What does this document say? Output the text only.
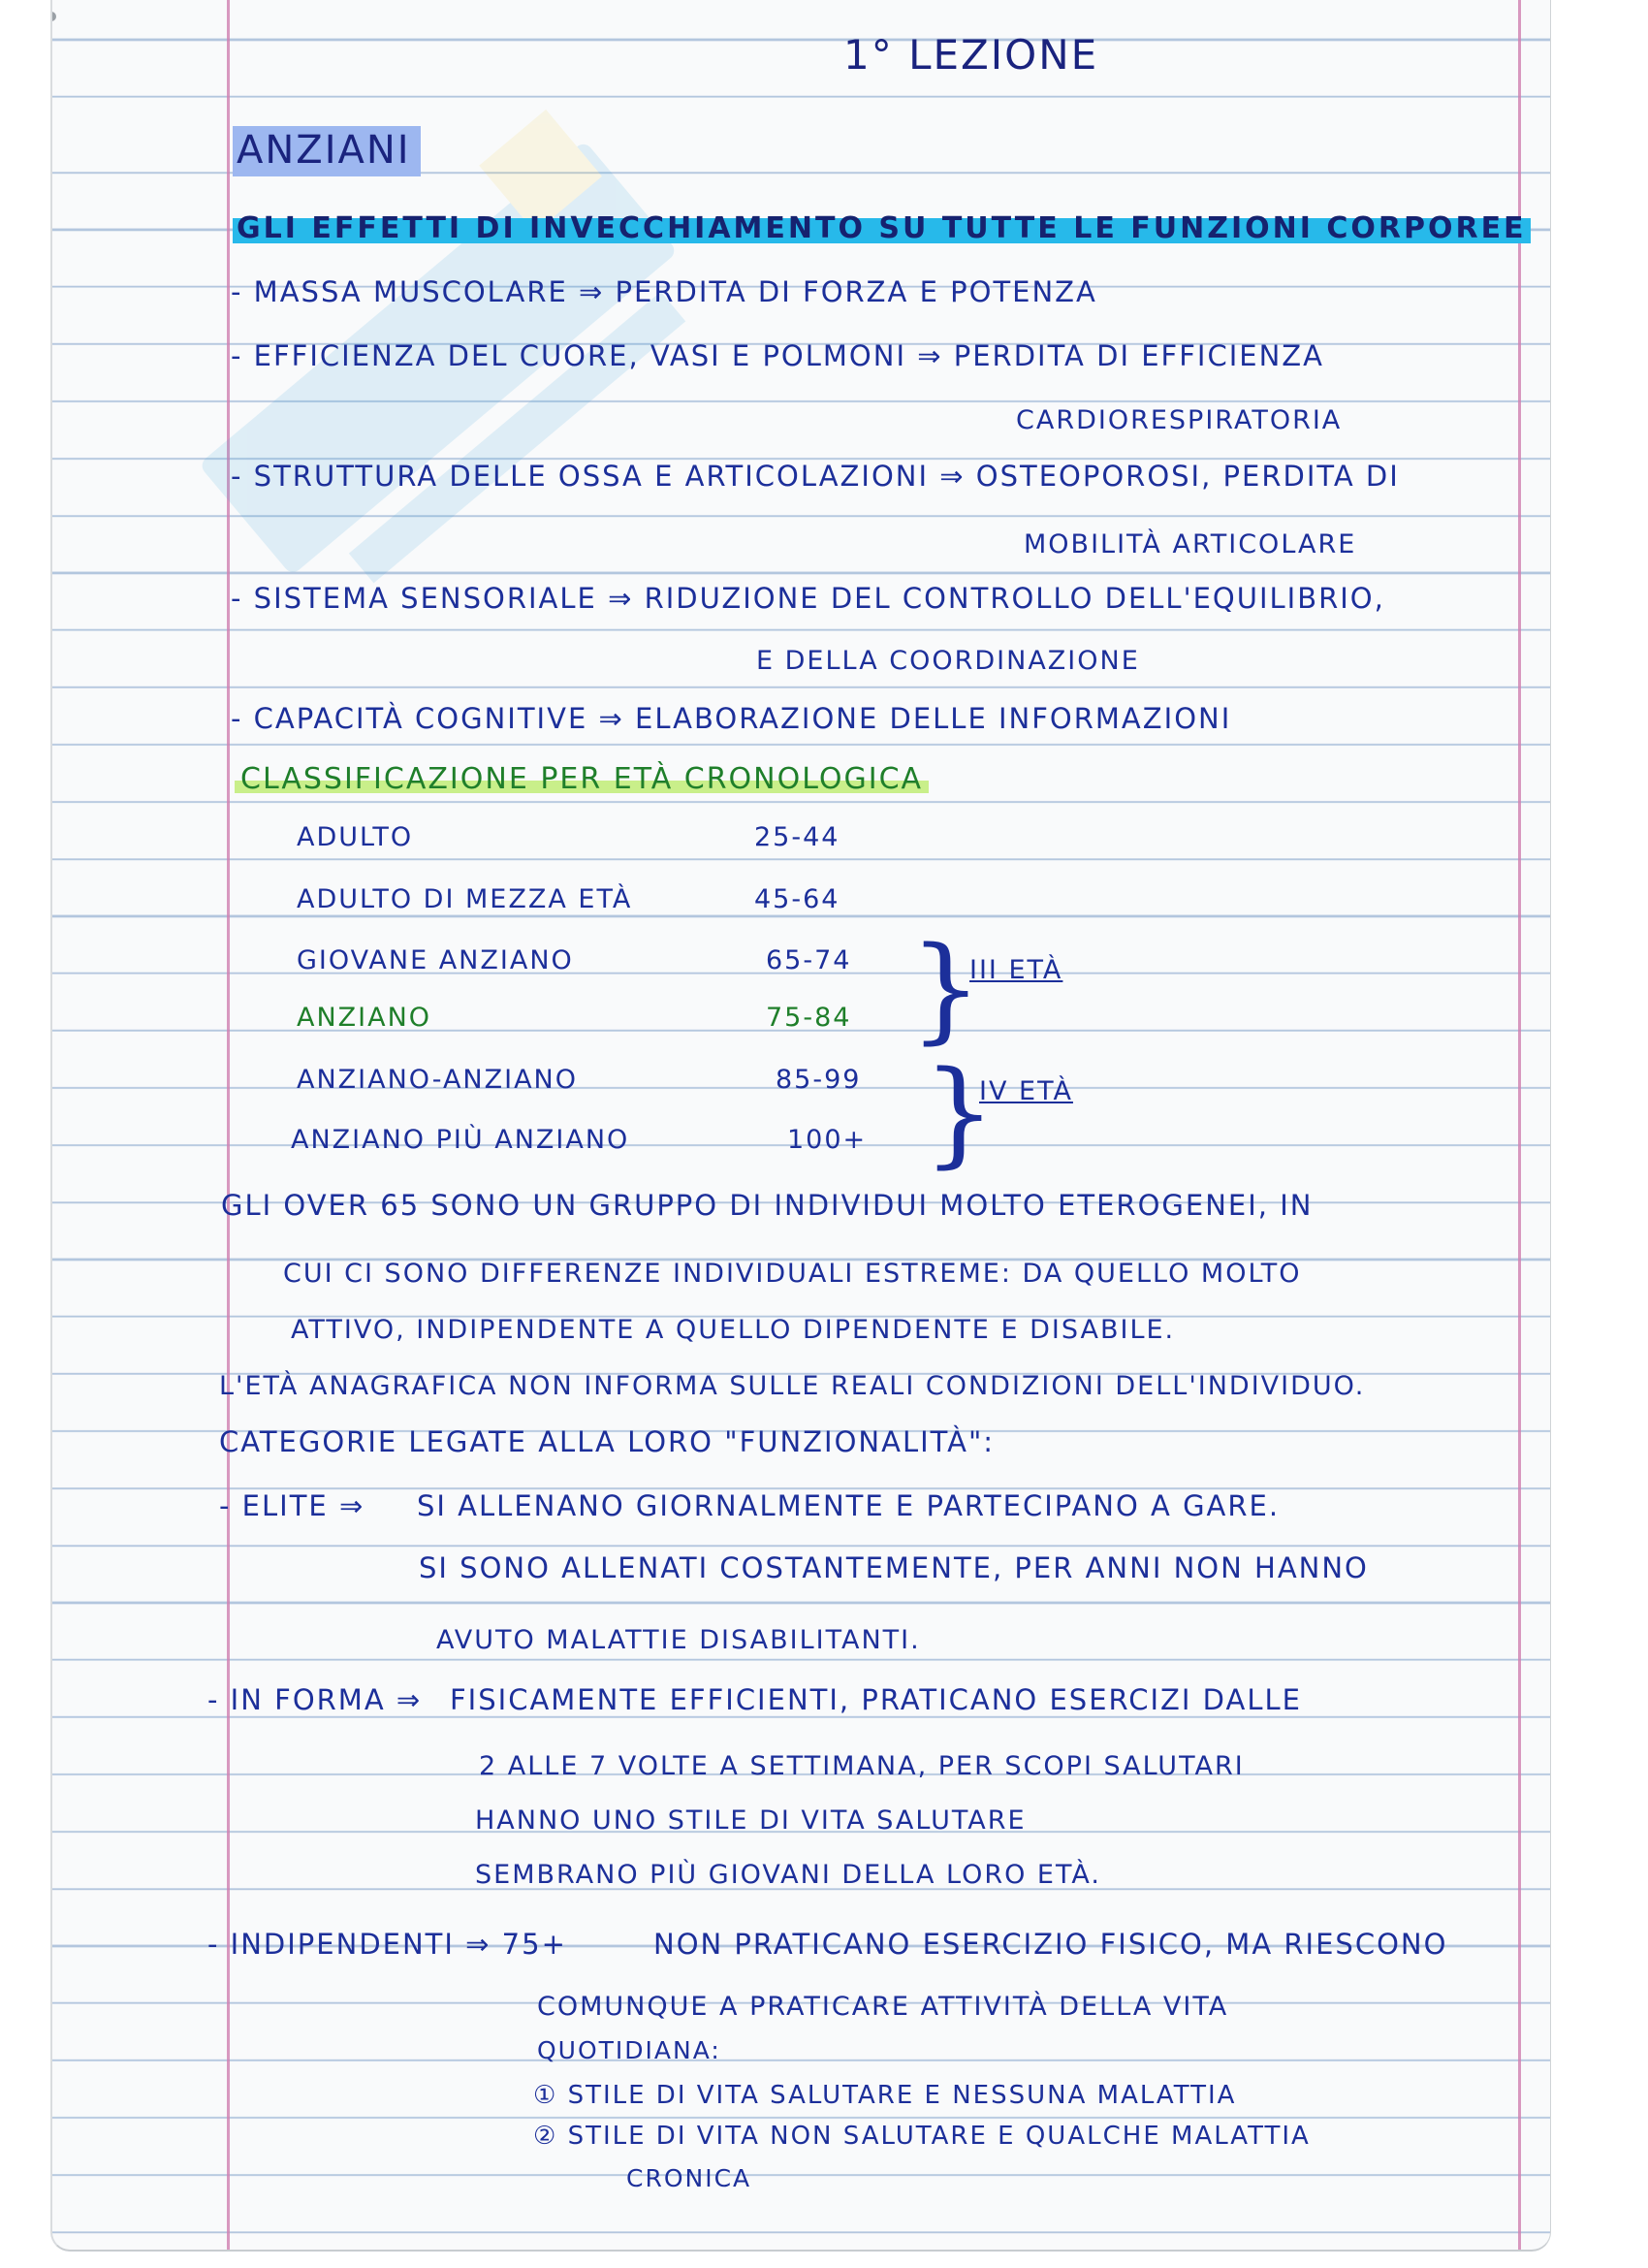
1° LEZIONE
ANZIANI
GLI EFFETTI DI INVECCHIAMENTO SU TUTTE LE FUNZIONI CORPOREE
- MASSA MUSCOLARE ⇒ PERDITA DI FORZA E POTENZA
- EFFICIENZA DEL CUORE, VASI E POLMONI ⇒ PERDITA DI EFFICIENZA
CARDIORESPIRATORIA
- STRUTTURA DELLE OSSA E ARTICOLAZIONI ⇒ OSTEOPOROSI, PERDITA DI
MOBILITÀ ARTICOLARE
- SISTEMA SENSORIALE ⇒ RIDUZIONE DEL CONTROLLO DELL'EQUILIBRIO,
E DELLA COORDINAZIONE
- CAPACITÀ COGNITIVE ⇒ ELABORAZIONE DELLE INFORMAZIONI
CLASSIFICAZIONE PER ETÀ CRONOLOGICA
ADULTO	25-44
ADULTO DI MEZZA ETÀ	45-64
GIOVANE ANZIANO	65-74
ANZIANO	75-84
ANZIANO-ANZIANO	85-99
ANZIANO PIÙ ANZIANO	100+
}
III ETÀ
}
IV ETÀ
GLI OVER 65 SONO UN GRUPPO DI INDIVIDUI MOLTO ETEROGENEI, IN
CUI CI SONO DIFFERENZE INDIVIDUALI ESTREME: DA QUELLO MOLTO
ATTIVO, INDIPENDENTE A QUELLO DIPENDENTE E DISABILE.
L'ETÀ ANAGRAFICA NON INFORMA SULLE REALI CONDIZIONI DELL'INDIVIDUO.
CATEGORIE LEGATE ALLA LORO "FUNZIONALITÀ":
- ELITE ⇒ SI ALLENANO GIORNALMENTE E PARTECIPANO A GARE.
SI SONO ALLENATI COSTANTEMENTE, PER ANNI NON HANNO
AVUTO MALATTIE DISABILITANTI.
- IN FORMA ⇒ FISICAMENTE EFFICIENTI, PRATICANO ESERCIZI DALLE
2 ALLE 7 VOLTE A SETTIMANA, PER SCOPI SALUTARI
HANNO UNO STILE DI VITA SALUTARE
SEMBRANO PIÙ GIOVANI DELLA LORO ETÀ.
- INDIPENDENTI ⇒ 75+	NON PRATICANO ESERCIZIO FISICO, MA RIESCONO
COMUNQUE A PRATICARE ATTIVITÀ DELLA VITA
QUOTIDIANA:
① STILE DI VITA SALUTARE E NESSUNA MALATTIA
② STILE DI VITA NON SALUTARE E QUALCHE MALATTIA
CRONICA
